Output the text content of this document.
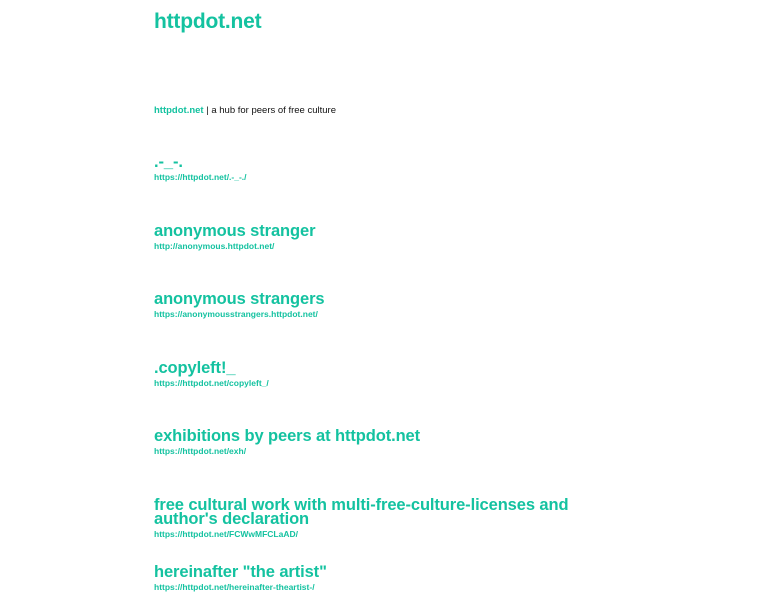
httpdot.net
httpdot.net | a hub for peers of free culture
.-_-.
https://httpdot.net/.-_-./
anonymous stranger
http://anonymous.httpdot.net/
anonymous strangers
https://anonymousstrangers.httpdot.net/
.copyleft!_
https://httpdot.net/copyleft_/
exhibitions by peers at httpdot.net
https://httpdot.net/exh/
free cultural work with multi-free-culture-licenses and author's declaration
https://httpdot.net/FCWwMFCLaAD/
hereinafter "the artist"
https://httpdot.net/hereinafter-theartist-/
